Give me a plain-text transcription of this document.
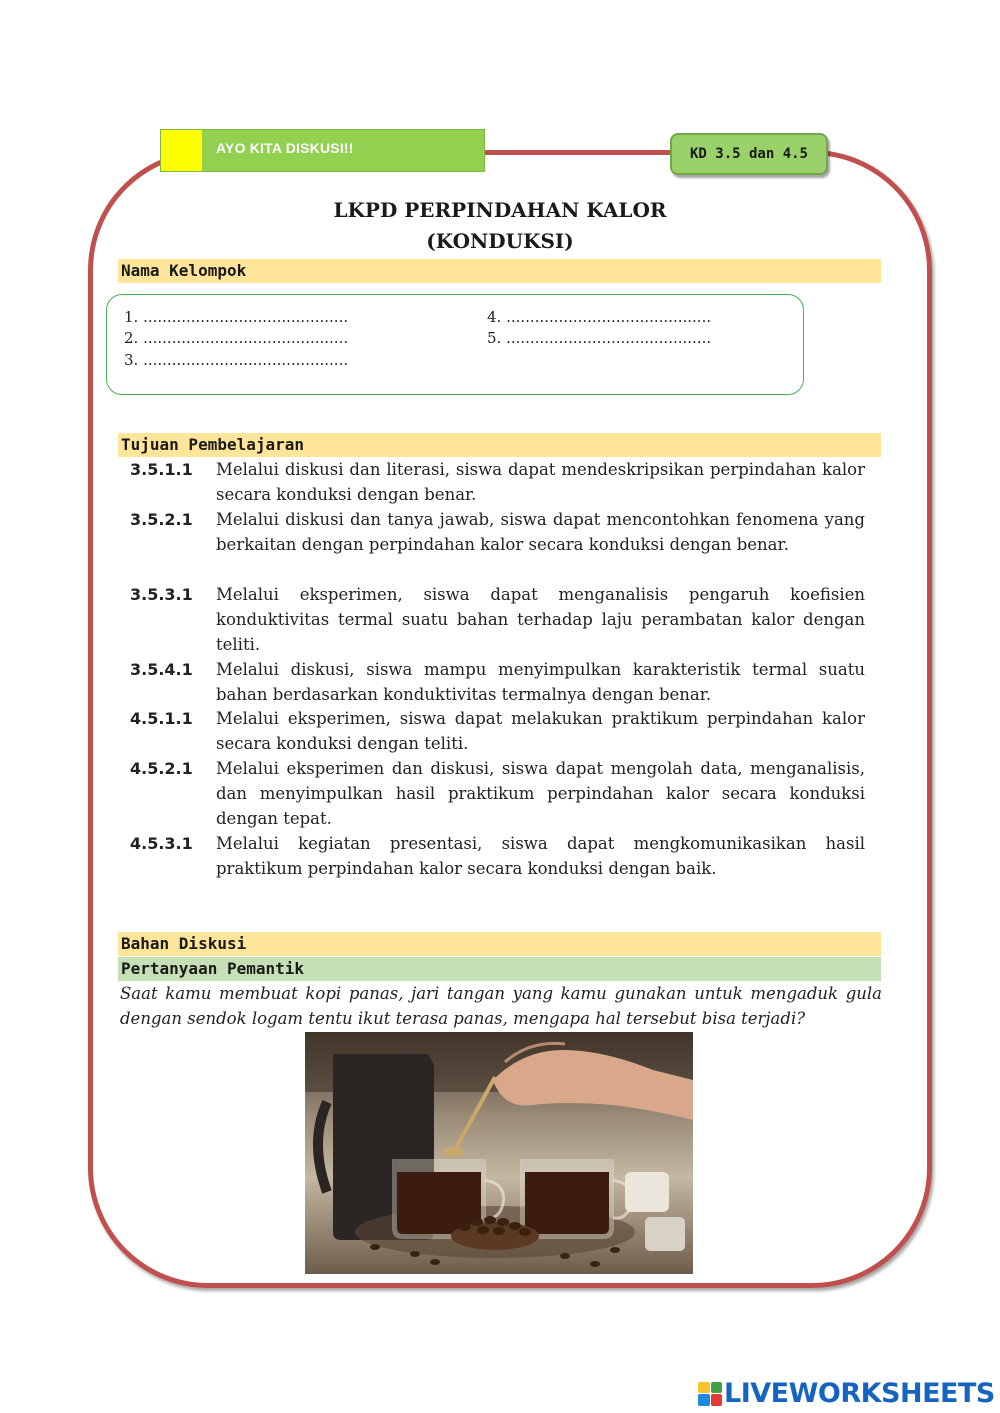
AYO KITA DISKUSI!!	KD 3.5 dan 4.5
LKPD PERPINDAHAN KALOR
(KONDUKSI)
Nama Kelompok
1. ...........................................
2. ...........................................
3. ...........................................
4. ...........................................
5. ...........................................
Tujuan Pembelajaran
3.5.1.1 Melalui diskusi dan literasi, siswa dapat mendeskripsikan perpindahan kalor secara konduksi dengan benar.
3.5.2.1 Melalui diskusi dan tanya jawab, siswa dapat mencontohkan fenomena yang berkaitan dengan perpindahan kalor secara konduksi dengan benar.
3.5.3.1 Melalui eksperimen, siswa dapat menganalisis pengaruh koefisien konduktivitas termal suatu bahan terhadap laju perambatan kalor dengan teliti.
3.5.4.1 Melalui diskusi, siswa mampu menyimpulkan karakteristik termal suatu bahan berdasarkan konduktivitas termalnya dengan benar.
4.5.1.1 Melalui eksperimen, siswa dapat melakukan praktikum perpindahan kalor secara konduksi dengan teliti.
4.5.2.1 Melalui eksperimen dan diskusi, siswa dapat mengolah data, menganalisis, dan menyimpulkan hasil praktikum perpindahan kalor secara konduksi dengan tepat.
4.5.3.1 Melalui kegiatan presentasi, siswa dapat mengkomunikasikan hasil praktikum perpindahan kalor secara konduksi dengan baik.
Bahan Diskusi
Pertanyaan Pemantik
Saat kamu membuat kopi panas, jari tangan yang kamu gunakan untuk mengaduk gula dengan sendok logam tentu ikut terasa panas, mengapa hal tersebut bisa terjadi?
LIVEWORKSHEETS
